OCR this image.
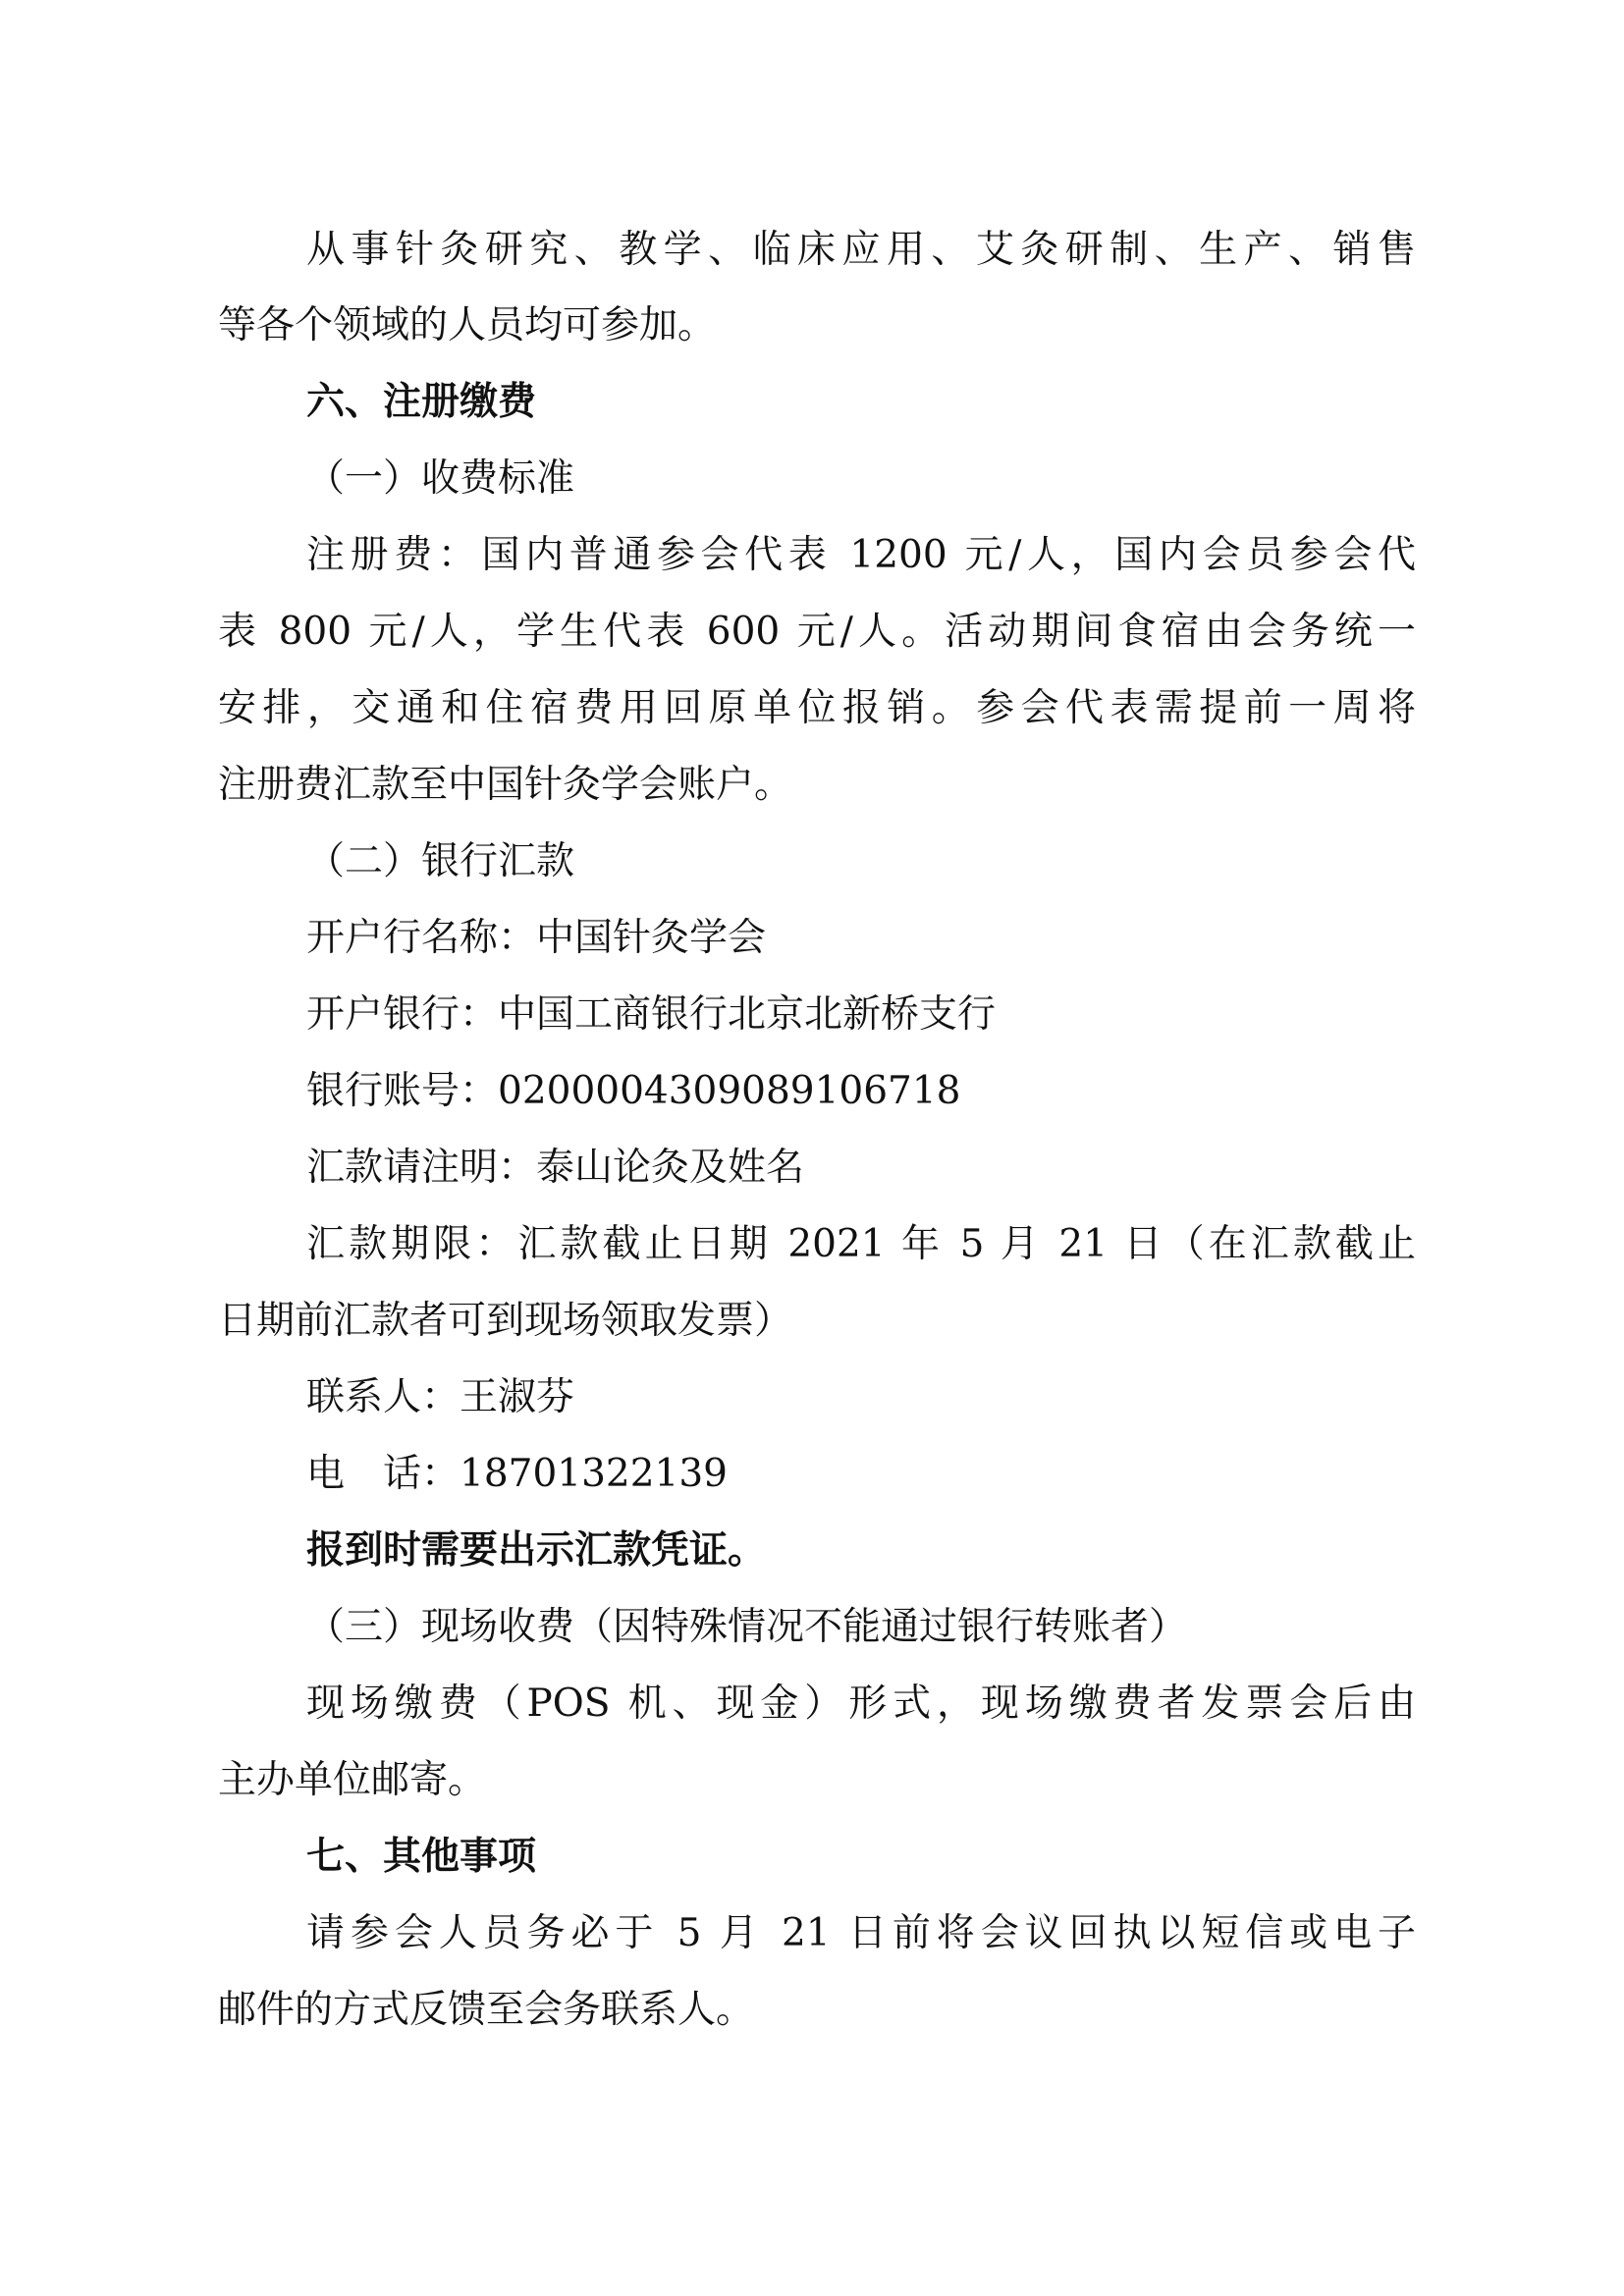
从事针灸研究、教学、临床应用、艾灸研制、生产、销售
等各个领域的人员均可参加。
六、注册缴费
（一）收费标准
注册费：国内普通参会代表 1200 元/人，国内会员参会代
表 800 元/人，学生代表 600 元/人。活动期间食宿由会务统一
安排，交通和住宿费用回原单位报销。参会代表需提前一周将
注册费汇款至中国针灸学会账户。
（二）银行汇款
开户行名称：中国针灸学会
开户银行：中国工商银行北京北新桥支行
银行账号：0200004309089106718
汇款请注明：泰山论灸及姓名
汇款期限：汇款截止日期 2021 年 5 月 21 日（在汇款截止
日期前汇款者可到现场领取发票）
联系人：王淑芬
电　话：18701322139
报到时需要出示汇款凭证。
（三）现场收费（因特殊情况不能通过银行转账者）
现场缴费（POS 机、现金）形式，现场缴费者发票会后由
主办单位邮寄。
七、其他事项
请参会人员务必于 5 月 21 日前将会议回执以短信或电子
邮件的方式反馈至会务联系人。
